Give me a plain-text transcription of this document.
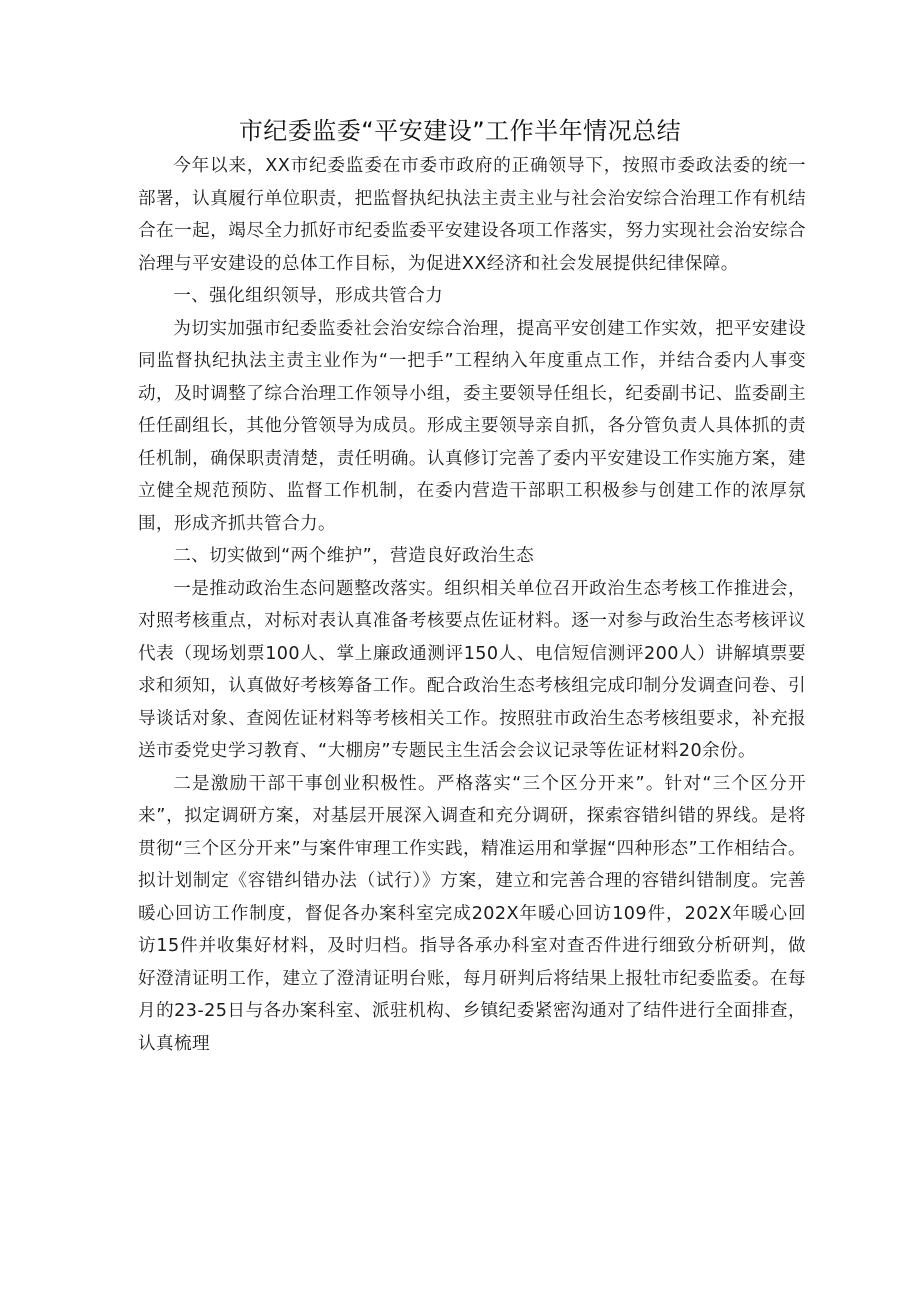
市纪委监委“平安建设”工作半年情况总结

今年以来，XX市纪委监委在市委市政府的正确领导下，按照市委政法委的统一部署，认真履行单位职责，把监督执纪执法主责主业与社会治安综合治理工作有机结合在一起，竭尽全力抓好市纪委监委平安建设各项工作落实，努力实现社会治安综合治理与平安建设的总体工作目标，为促进XX经济和社会发展提供纪律保障。

一、强化组织领导，形成共管合力

为切实加强市纪委监委社会治安综合治理，提高平安创建工作实效，把平安建设同监督执纪执法主责主业作为“一把手”工程纳入年度重点工作，并结合委内人事变动，及时调整了综合治理工作领导小组，委主要领导任组长，纪委副书记、监委副主任任副组长，其他分管领导为成员。形成主要领导亲自抓，各分管负责人具体抓的责任机制，确保职责清楚，责任明确。认真修订完善了委内平安建设工作实施方案，建立健全规范预防、监督工作机制，在委内营造干部职工积极参与创建工作的浓厚氛围，形成齐抓共管合力。

二、切实做到“两个维护”，营造良好政治生态

一是推动政治生态问题整改落实。组织相关单位召开政治生态考核工作推进会，对照考核重点，对标对表认真准备考核要点佐证材料。逐一对参与政治生态考核评议代表（现场划票100人、掌上廉政通测评150人、电信短信测评200人）讲解填票要求和须知，认真做好考核筹备工作。配合政治生态考核组完成印制分发调查问卷、引导谈话对象、查阅佐证材料等考核相关工作。按照驻市政治生态考核组要求，补充报送市委党史学习教育、“大棚房”专题民主生活会会议记录等佐证材料20余份。

二是激励干部干事创业积极性。严格落实“三个区分开来”。针对“三个区分开来”，拟定调研方案，对基层开展深入调查和充分调研，探索容错纠错的界线。是将贯彻“三个区分开来”与案件审理工作实践，精准运用和掌握“四种形态”工作相结合。拟计划制定《容错纠错办法（试行）》方案，建立和完善合理的容错纠错制度。完善暖心回访工作制度，督促各办案科室完成202X年暖心回访109件，202X年暖心回访15件并收集好材料，及时归档。指导各承办科室对查否件进行细致分析研判，做好澄清证明工作，建立了澄清证明台账，每月研判后将结果上报牡市纪委监委。在每月的23-25日与各办案科室、派驻机构、乡镇纪委紧密沟通对了结件进行全面排查，认真梳理
